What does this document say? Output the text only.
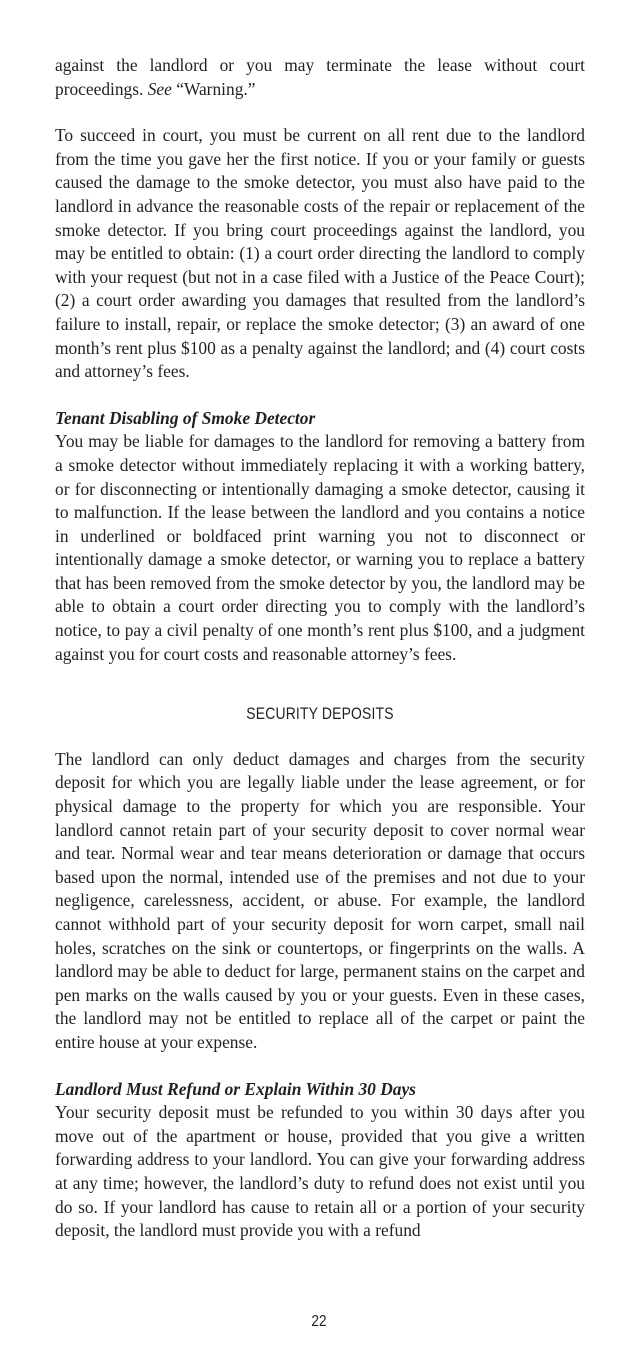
against the landlord or you may terminate the lease without court proceedings. See “Warning.”

To succeed in court, you must be current on all rent due to the landlord from the time you gave her the first notice. If you or your family or guests caused the damage to the smoke detector, you must also have paid to the landlord in advance the reasonable costs of the repair or replacement of the smoke detector. If you bring court proceedings against the landlord, you may be entitled to obtain: (1) a court order directing the landlord to comply with your request (but not in a case filed with a Justice of the Peace Court); (2) a court order awarding you damages that resulted from the landlord’s failure to install, repair, or replace the smoke detector; (3) an award of one month’s rent plus $100 as a penalty against the landlord; and (4) court costs and attorney’s fees.

Tenant Disabling of Smoke Detector

You may be liable for damages to the landlord for removing a battery from a smoke detector without immediately replacing it with a working battery, or for disconnecting or intentionally damaging a smoke detector, causing it to malfunction. If the lease between the landlord and you contains a notice in underlined or boldfaced print warning you not to disconnect or intentionally damage a smoke detector, or warning you to replace a battery that has been removed from the smoke detector by you, the landlord may be able to obtain a court order directing you to comply with the landlord’s notice, to pay a civil penalty of one month’s rent plus $100, and a judgment against you for court costs and reasonable attorney’s fees.

SECURITY DEPOSITS

The landlord can only deduct damages and charges from the security deposit for which you are legally liable under the lease agreement, or for physical damage to the property for which you are responsible. Your landlord cannot retain part of your security deposit to cover normal wear and tear. Normal wear and tear means deterioration or damage that occurs based upon the normal, intended use of the premises and not due to your negligence, carelessness, accident, or abuse. For example, the landlord cannot withhold part of your security deposit for worn carpet, small nail holes, scratches on the sink or countertops, or fingerprints on the walls. A landlord may be able to deduct for large, permanent stains on the carpet and pen marks on the walls caused by you or your guests. Even in these cases, the landlord may not be entitled to replace all of the carpet or paint the entire house at your expense.

Landlord Must Refund or Explain Within 30 Days

Your security deposit must be refunded to you within 30 days after you move out of the apartment or house, provided that you give a written forwarding address to your landlord. You can give your forwarding address at any time; however, the landlord’s duty to refund does not exist until you do so. If your landlord has cause to retain all or a portion of your security deposit, the landlord must provide you with a refund

22
